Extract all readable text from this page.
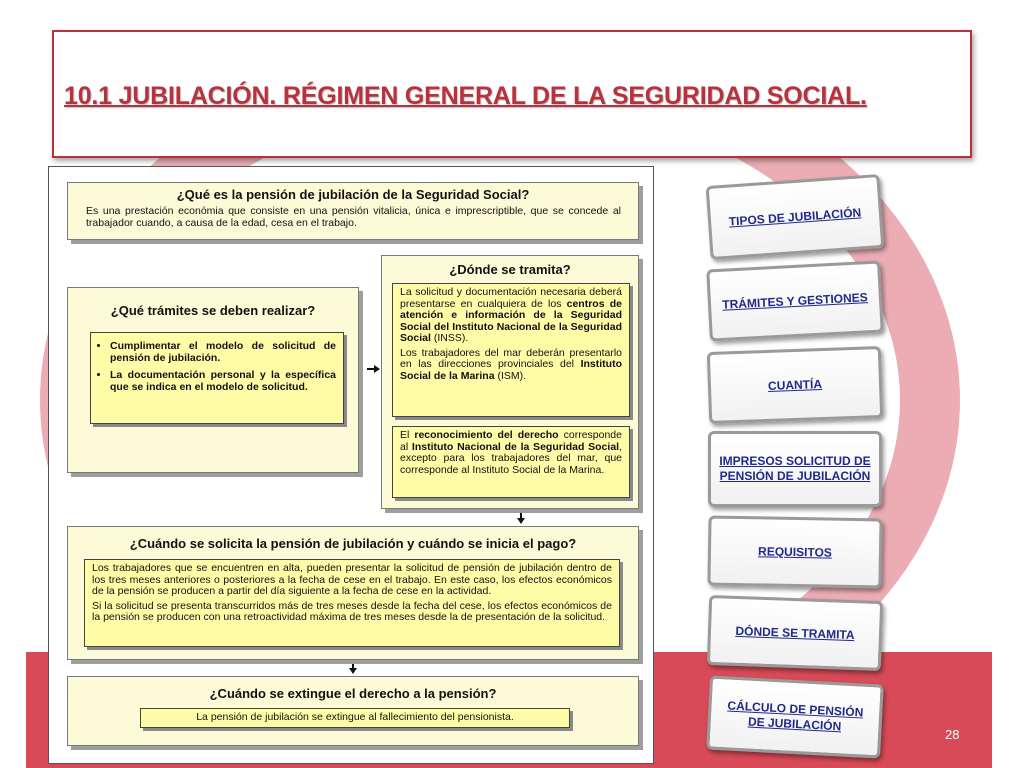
10.1 JUBILACIÓN. RÉGIMEN GENERAL DE LA SEGURIDAD SOCIAL.
¿Qué es la pensión de jubilación de la Seguridad Social?
Es una prestación económia que consiste en una pensión vitalicia, única e imprescriptible, que se concede al trabajador cuando, a causa de la edad, cesa en el trabajo.
¿Qué trámites se deben realizar?
• Cumplimentar el modelo de solicitud de pensión de jubilación.
• La documentación personal y la específica que se indica en el modelo de solicitud.
¿Dónde se tramita?

La solicitud y documentación necesaria deberá presentarse en cualquiera de los centros de atención e información de la Seguridad Social del Instituto Nacional de la Seguridad Social (INSS).

Los trabajadores del mar deberán presentarlo en las direcciones provinciales del Instituto Social de la Marina (ISM).

El reconocimiento del derecho corresponde al Instituto Nacional de la Seguridad Social, excepto para los trabajadores del mar, que corresponde al Instituto Social de la Marina.

¿Cuándo se solicita la pensión de jubilación y cuándo se inicia el pago?

Los trabajadores que se encuentren en alta, pueden presentar la solicitud de pensión de jubilación dentro de los tres meses anteriores o posteriores a la fecha de cese en el trabajo. En este caso, los efectos económicos de la pensión se producen a partir del día siguiente a la fecha de cese en la actividad.

Si la solicitud se presenta transcurridos más de tres meses desde la fecha del cese, los efectos económicos de la pensión se producen con una retroactividad máxima de tres meses desde la de presentación de la solicitud.

¿Cuándo se extingue el derecho a la pensión?
La pensión de jubilación se extingue al fallecimiento del pensionista.
TIPOS DE JUBILACIÓN
TRÁMITES Y GESTIONES
CUANTÍA
IMPRESOS SOLICITUD DE PENSIÓN DE JUBILACIÓN
REQUISITOS
DÓNDE SE TRAMITA
CÁLCULO DE PENSIÓN DE JUBILACIÓN
28
